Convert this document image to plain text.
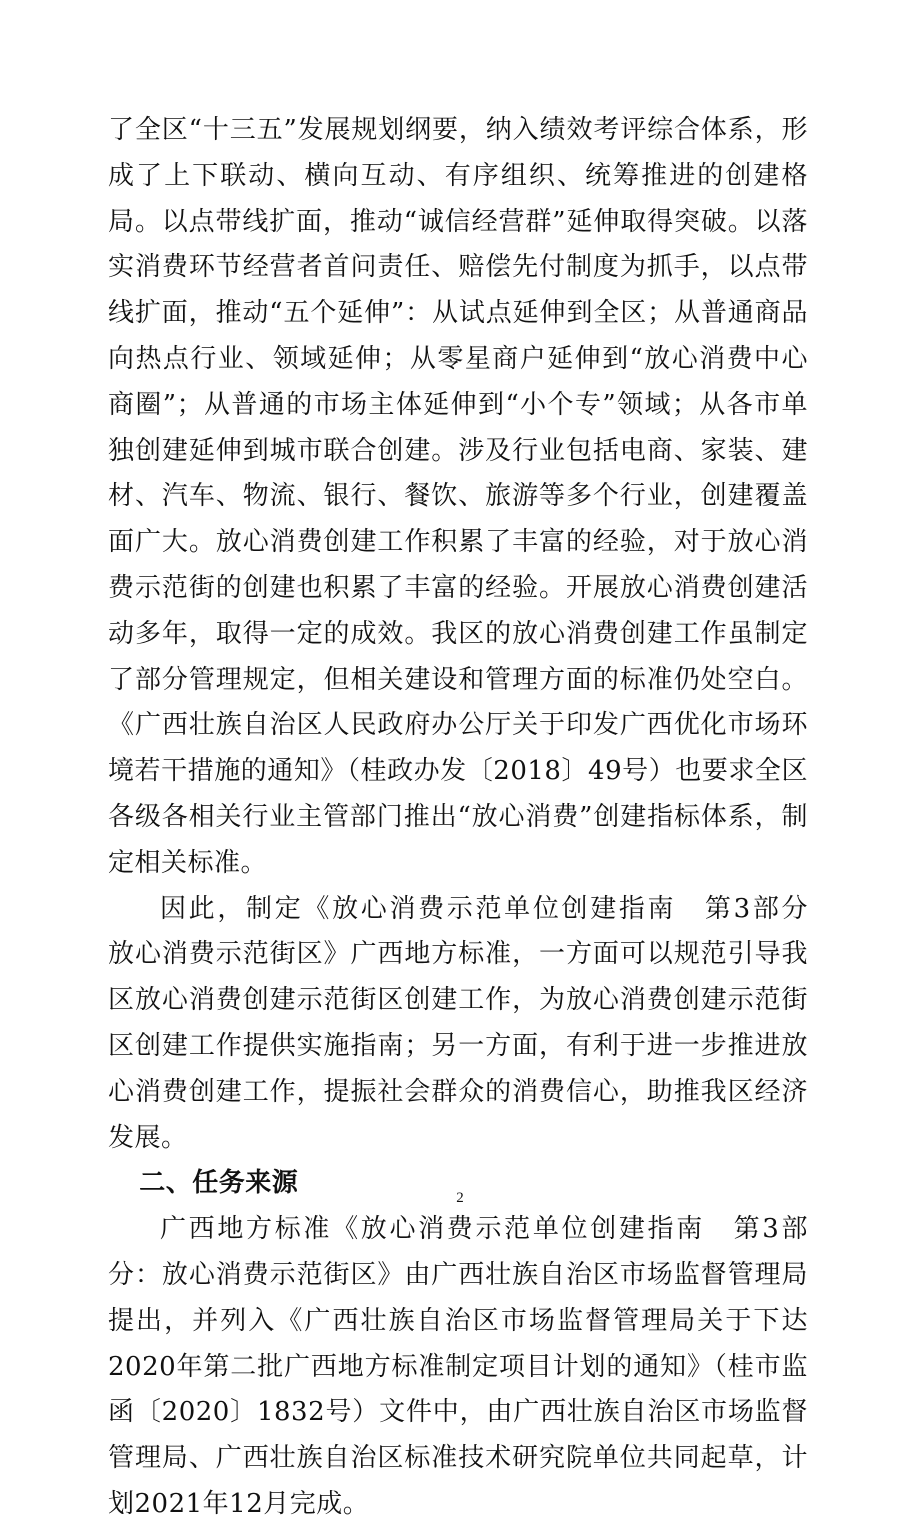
了全区“十三五”发展规划纲要，纳入绩效考评综合体系，形成了上下联动、横向互动、有序组织、统筹推进的创建格局。以点带线扩面，推动“诚信经营群”延伸取得突破。以落实消费环节经营者首问责任、赔偿先付制度为抓手，以点带线扩面，推动“五个延伸”：从试点延伸到全区；从普通商品向热点行业、领域延伸；从零星商户延伸到“放心消费中心商圈”；从普通的市场主体延伸到“小个专”领域；从各市单独创建延伸到城市联合创建。涉及行业包括电商、家装、建材、汽车、物流、银行、餐饮、旅游等多个行业，创建覆盖面广大。放心消费创建工作积累了丰富的经验，对于放心消费示范街的创建也积累了丰富的经验。开展放心消费创建活动多年，取得一定的成效。我区的放心消费创建工作虽制定了部分管理规定，但相关建设和管理方面的标准仍处空白。《广西壮族自治区人民政府办公厅关于印发广西优化市场环境若干措施的通知》（桂政办发〔2018〕49号）也要求全区各级各相关行业主管部门推出“放心消费”创建指标体系，制定相关标准。

因此，制定《放心消费示范单位创建指南　第3部分　放心消费示范街区》广西地方标准，一方面可以规范引导我区放心消费创建示范街区创建工作，为放心消费创建示范街区创建工作提供实施指南；另一方面，有利于进一步推进放心消费创建工作，提振社会群众的消费信心，助推我区经济发展。

二、任务来源

广西地方标准《放心消费示范单位创建指南　第3部分：放心消费示范街区》由广西壮族自治区市场监督管理局提出，并列入《广西壮族自治区市场监督管理局关于下达2020年第二批广西地方标准制定项目计划的通知》（桂市监函〔2020〕1832号）文件中，由广西壮族自治区市场监督管理局、广西壮族自治区标准技术研究院单位共同起草，计划2021年12月完成。

2
